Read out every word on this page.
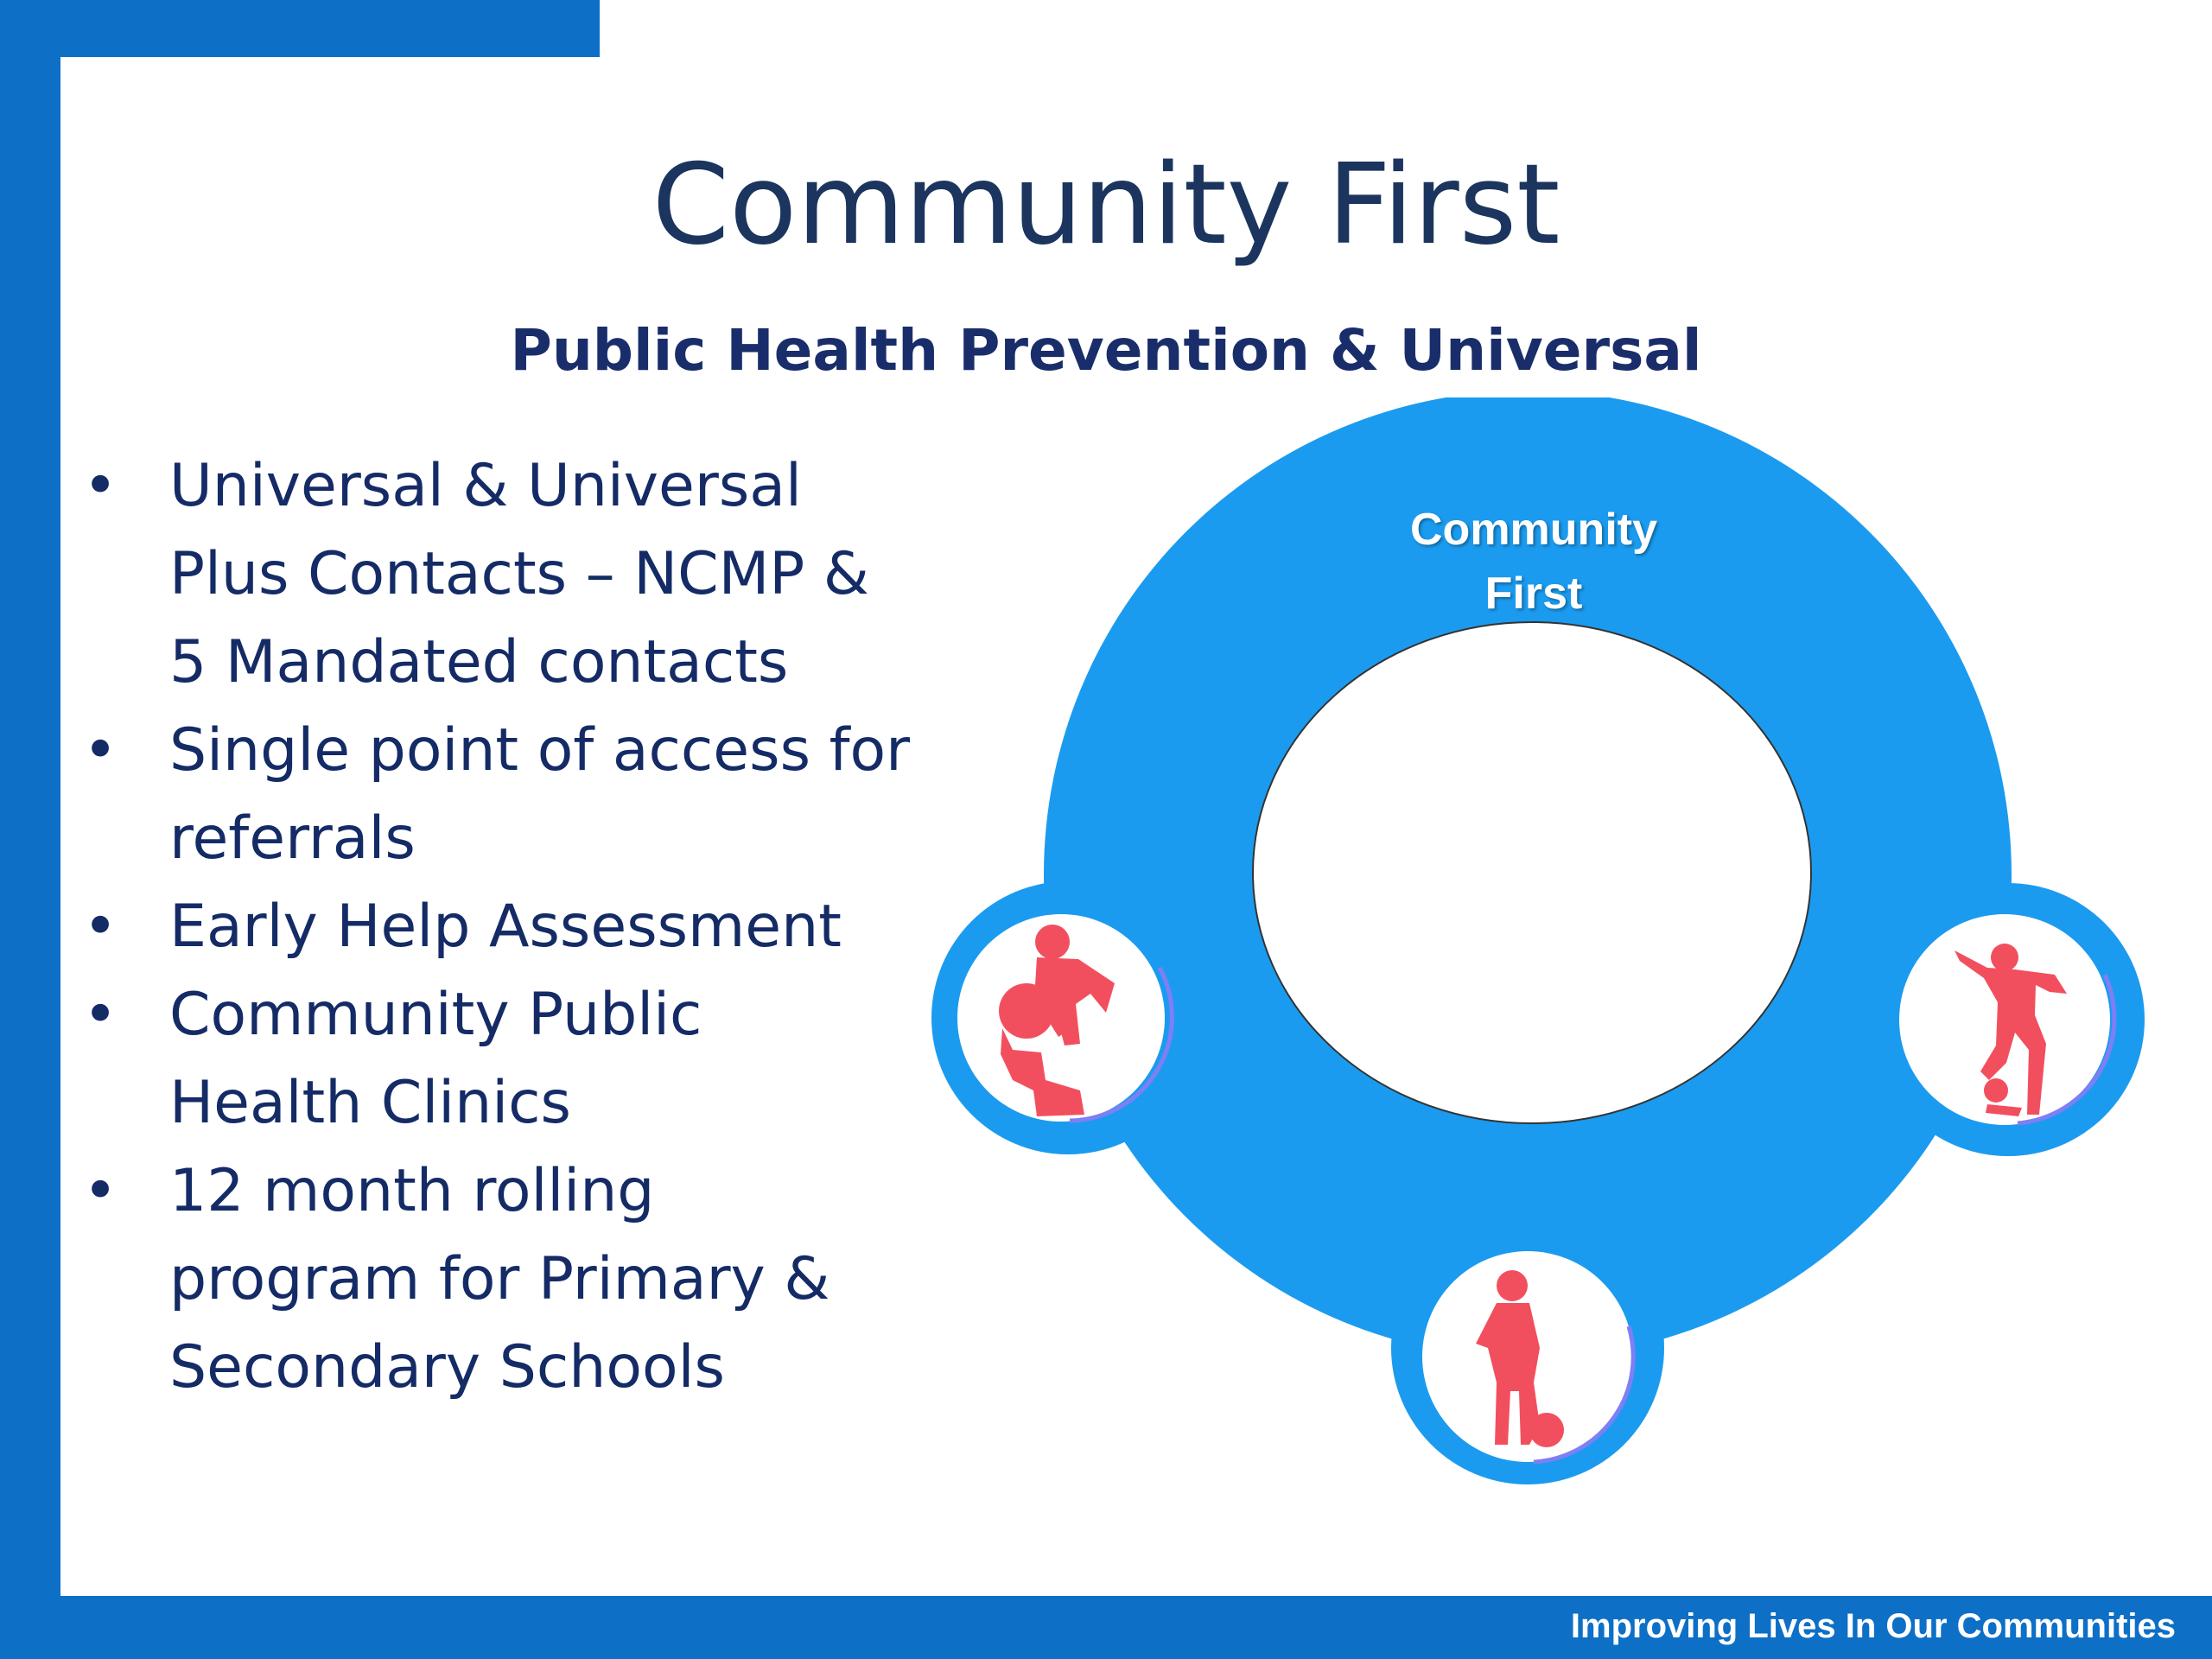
Community First
Public Health Prevention & Universal
• Universal & Universal
Plus Contacts – NCMP &
5 Mandated contacts
• Single point of access for
referrals
• Early Help Assessment
• Community Public
Health Clinics
• 12 month rolling
program for Primary &
Secondary Schools
Community
First
Improving Lives In Our Communities
